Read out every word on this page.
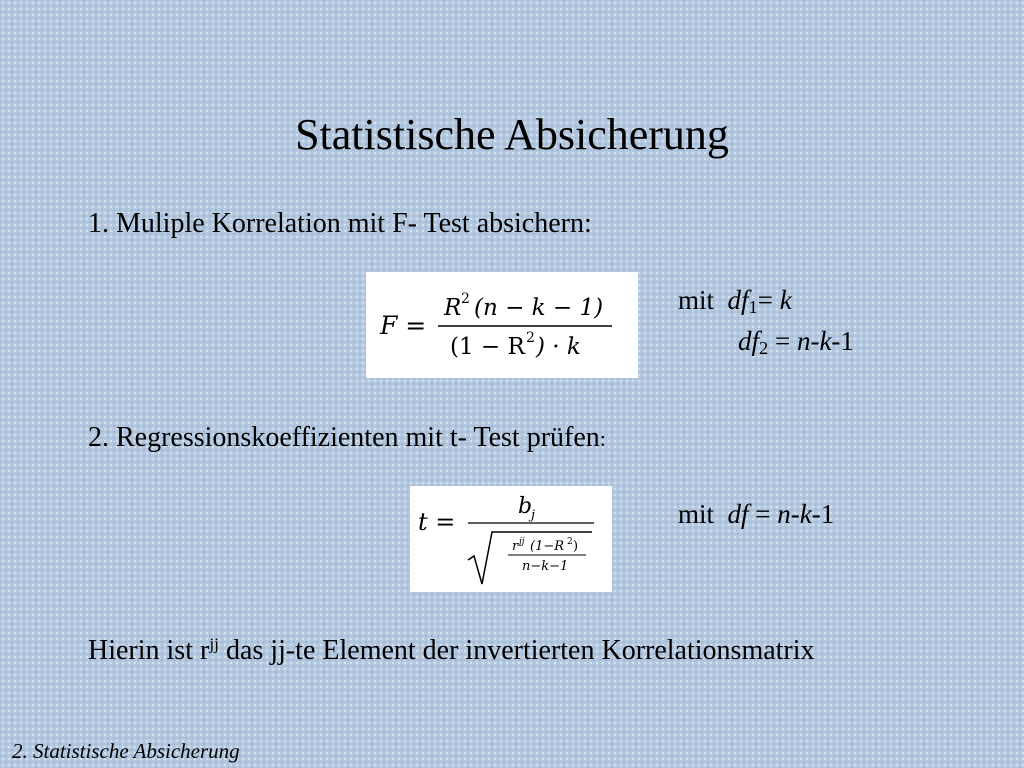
Statistische Absicherung
1. Muliple Korrelation mit F- Test absichern:
F =
R 2 (n − k − 1)
(1 − R 2 ) · k
mit $df_1= k$
$df_2 = n-k-1$
2. Regressionskoeffizienten mit t- Test prüfen:
t =
b
j
r jj (1−R 2 )
n−k−1
mit df = n-k-1
Hierin ist $r^{jj}$ das jj-te Element der invertierten Korrelationsmatrix
2. Statistische Absicherung
